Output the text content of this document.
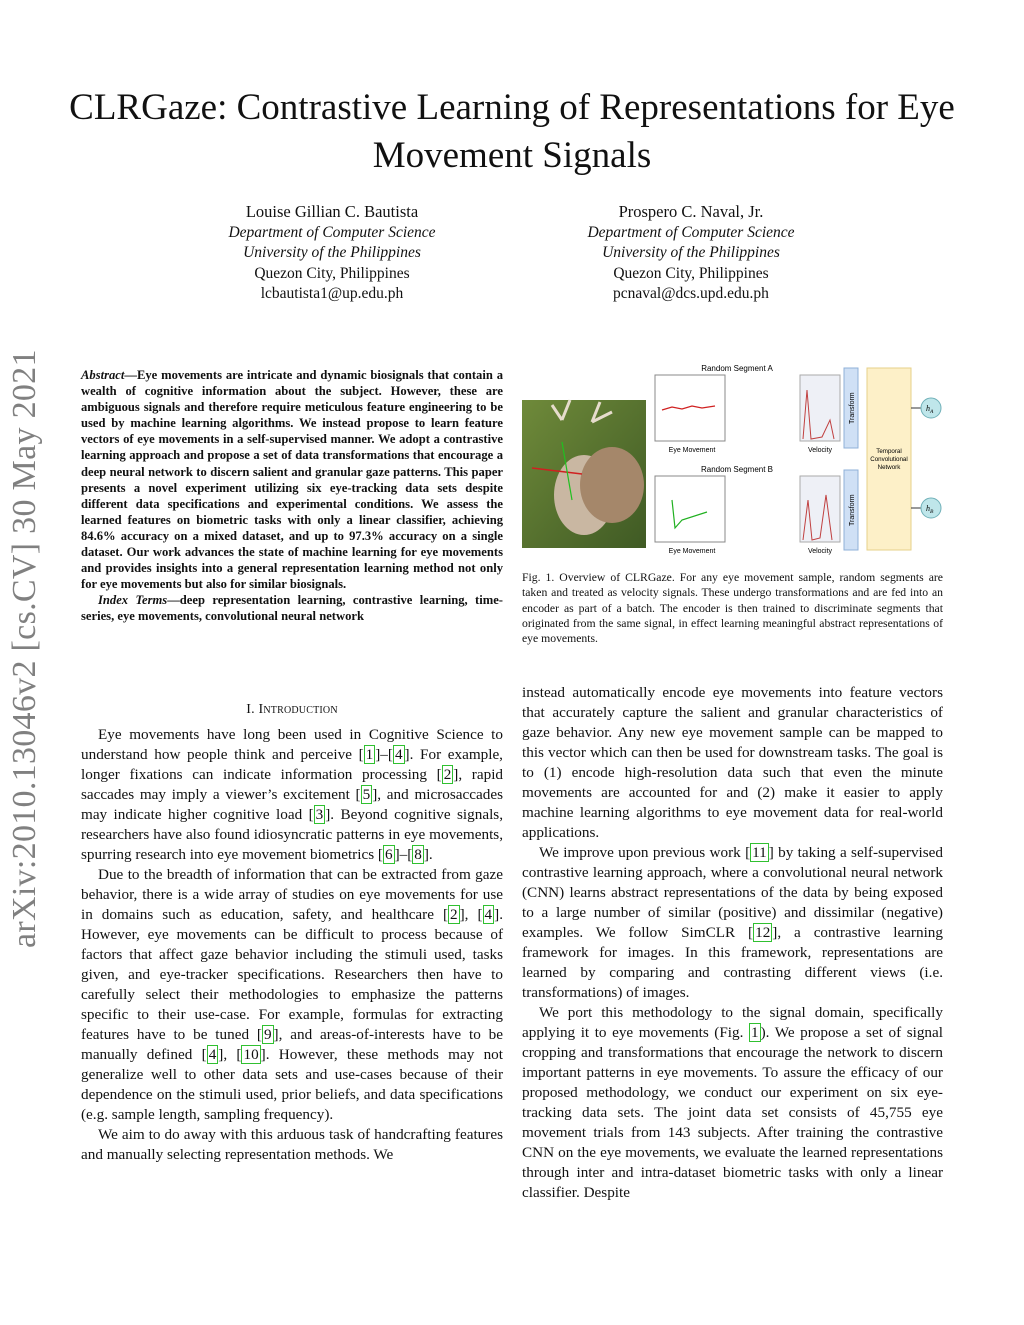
CLRGaze: Contrastive Learning of Representations for Eye Movement Signals
Louise Gillian C. Bautista
Department of Computer Science
University of the Philippines
Quezon City, Philippines
lcbautista1@up.edu.ph
Prospero C. Naval, Jr.
Department of Computer Science
University of the Philippines
Quezon City, Philippines
pcnaval@dcs.upd.edu.ph
arXiv:2010.13046v2 [cs.CV] 30 May 2021	Abstract—Eye movements are intricate and dynamic biosignals that contain a wealth of cognitive information about the subject. However, these are ambiguous signals and therefore require meticulous feature engineering to be used by machine learning algorithms. We instead propose to learn feature vectors of eye movements in a self-supervised manner. We adopt a contrastive learning approach and propose a set of data transformations that encourage a deep neural network to discern salient and granular gaze patterns. This paper presents a novel experiment utilizing six eye-tracking data sets despite different data specifications and experimental conditions. We assess the learned features on biometric tasks with only a linear classifier, achieving 84.6% accuracy on a mixed dataset, and up to 97.3% accuracy on a single dataset. Our work advances the state of machine learning for eye movements and provides insights into a general representation learning method not only for eye movements but also for similar biosignals.

Index Terms—deep representation learning, contrastive learning, time-series, eye movements, convolutional neural network

I. Introduction

Eye movements have long been used in Cognitive Science to understand how people think and perceive [ 1 ]–[ 4 ]. For example, longer fixations can indicate information processing [ 2 ], rapid saccades may imply a viewer’s excitement [ 5 ], and microsaccades may indicate higher cognitive load [ 3 ]. Beyond cognitive signals, researchers have also found idiosyncratic patterns in eye movements, spurring research into eye movement biometrics [ 6 ]–[ 8 ].

Due to the breadth of information that can be extracted from gaze behavior, there is a wide array of studies on eye movements for use in domains such as education, safety, and healthcare [ 2 ], [ 4 ]. However, eye movements can be difficult to process because of factors that affect gaze behavior including the stimuli used, tasks given, and eye-tracker specifications. Researchers then have to carefully select their methodologies to emphasize the patterns specific to their use-case. For example, formulas for extracting features have to be tuned [ 9 ], and areas-of-interests have to be manually defined [ 4 ], [ 10 ]. However, these methods may not generalize well to other data sets and use-cases because of their dependence on the stimuli used, prior beliefs, and data specifications (e.g. sample length, sampling frequency).

We aim to do away with this arduous task of handcrafting features and manually selecting representation methods. We

Random Segment A
Eye Movement	Velocity
Random Segment B
Eye Movement	Velocity
Transform
Transform
Temporal
Convolutional
Network
$h_A$
$h_B$
Fig. 1. Overview of CLRGaze. For any eye movement sample, random segments are taken and treated as velocity signals. These undergo transformations and are fed into an encoder as part of a batch. The encoder is then trained to discriminate segments that originated from the same signal, in effect learning meaningful abstract representations of eye movements.

instead automatically encode eye movements into feature vectors that accurately capture the salient and granular characteristics of gaze behavior. Any new eye movement sample can be mapped to this vector which can then be used for downstream tasks. The goal is to (1) encode high-resolution data such that even the minute movements are accounted for and (2) make it easier to apply machine learning algorithms to eye movement data for real-world applications.

We improve upon previous work [ 11 ] by taking a self-supervised contrastive learning approach, where a convolutional neural network (CNN) learns abstract representations of the data by being exposed to a large number of similar (positive) and dissimilar (negative) examples. We follow SimCLR [ 12 ], a contrastive learning framework for images. In this framework, representations are learned by comparing and contrasting different views (i.e. transformations) of images.

We port this methodology to the signal domain, specifically applying it to eye movements (Fig. 1 ). We propose a set of signal cropping and transformations that encourage the network to discern important patterns in eye movements. To assure the efficacy of our proposed methodology, we conduct our experiment on six eye-tracking data sets. The joint data set consists of 45,755 eye movement trials from 143 subjects. After training the contrastive CNN on the eye movements, we evaluate the learned representations through inter and intra-dataset biometric tasks with only a linear classifier. Despite
